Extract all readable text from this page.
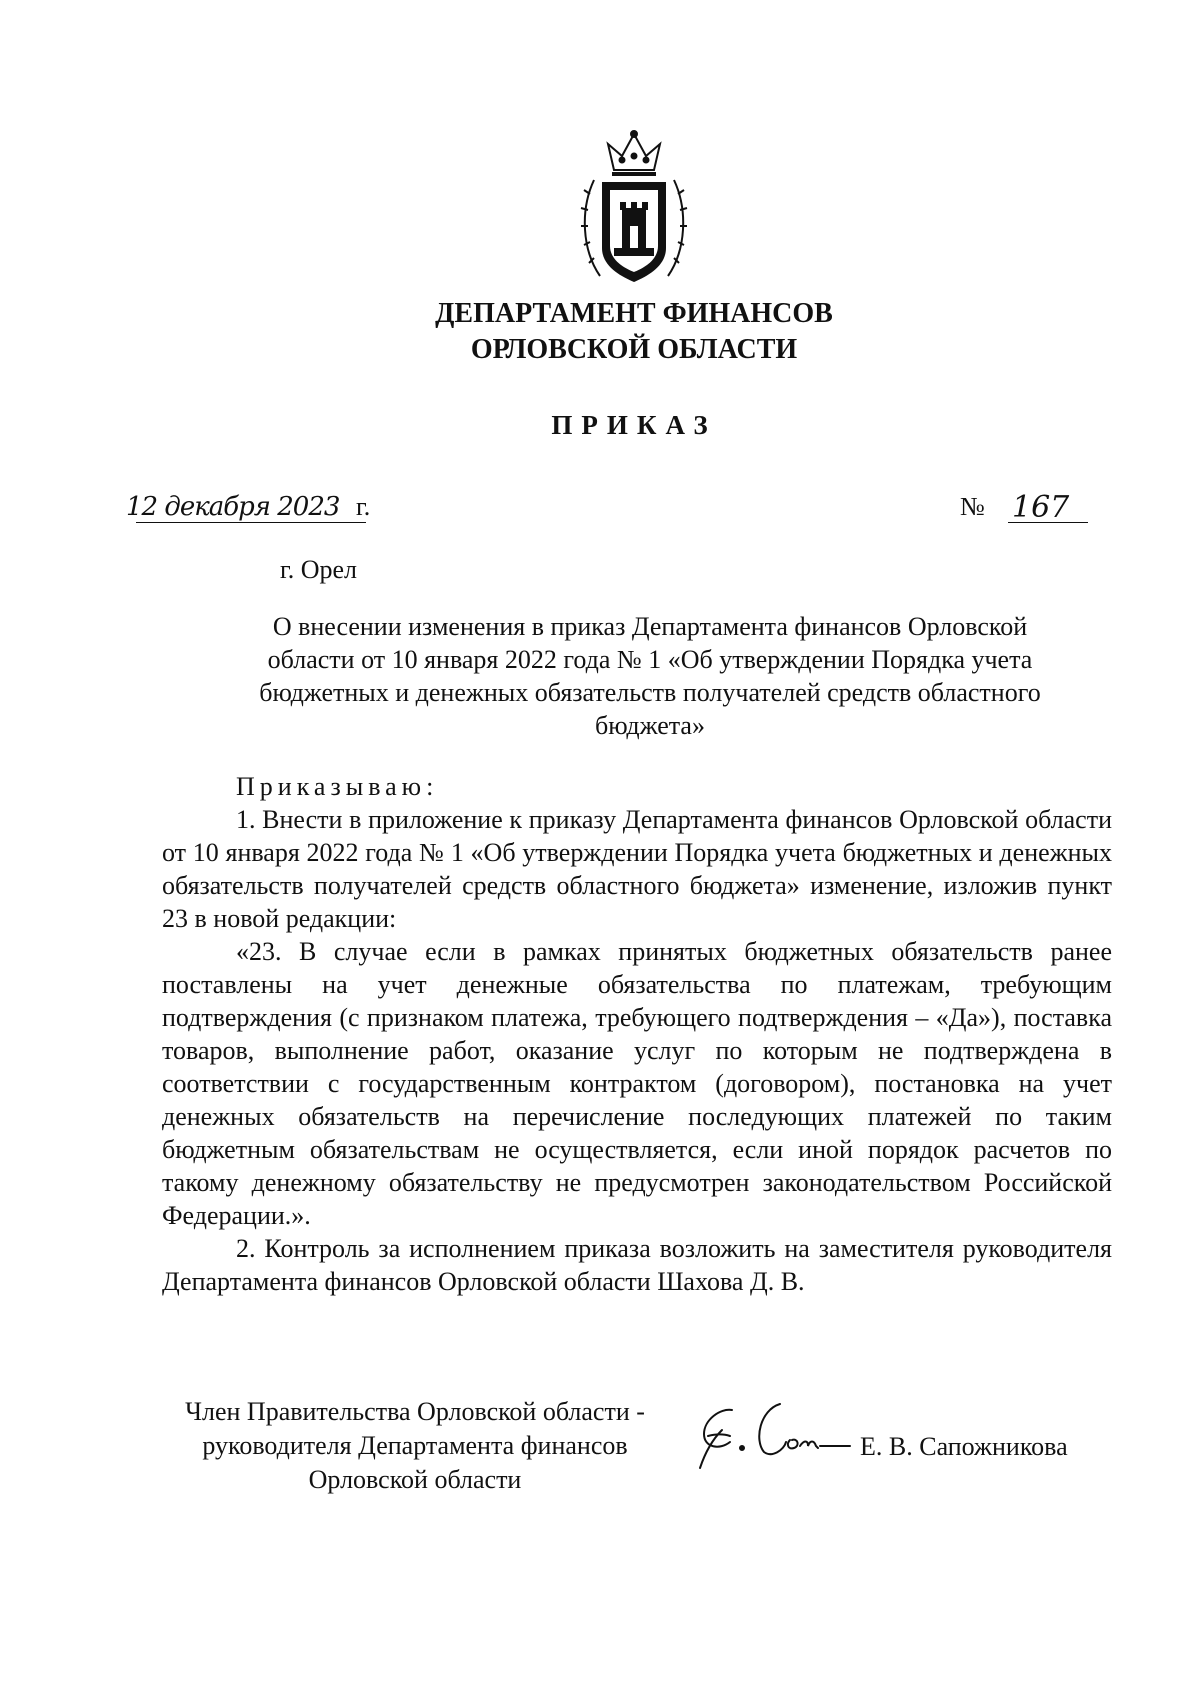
ДЕПАРТАМЕНТ ФИНАНСОВ
ОРЛОВСКОЙ ОБЛАСТИ
ПРИКАЗ
12 декабря 2023 г.	№ 167
г. Орел
О внесении изменения в приказ Департамента финансов Орловской
области от 10 января 2022 года № 1 «Об утверждении Порядка учета
бюджетных и денежных обязательств получателей средств областного
бюджета»

Приказываю:

1. Внести в приложение к приказу Департамента финансов Орловской области от 10 января 2022 года № 1 «Об утверждении Порядка учета бюджетных и денежных обязательств получателей средств областного бюджета» изменение, изложив пункт 23 в новой редакции:

«23. В случае если в рамках принятых бюджетных обязательств ранее поставлены на учет денежные обязательства по платежам, требующим подтверждения (с признаком платежа, требующего подтверждения – «Да»), поставка товаров, выполнение работ, оказание услуг по которым не подтверждена в соответствии с государственным контрактом (договором), постановка на учет денежных обязательств на перечисление последующих платежей по таким бюджетным обязательствам не осуществляется, если иной порядок расчетов по такому денежному обязательству не предусмотрен законодательством Российской Федерации.».

2. Контроль за исполнением приказа возложить на заместителя руководителя Департамента финансов Орловской области Шахова Д. В.

Член Правительства Орловской области -
руководителя Департамента финансов
Орловской области
Е. В. Сапожникова
